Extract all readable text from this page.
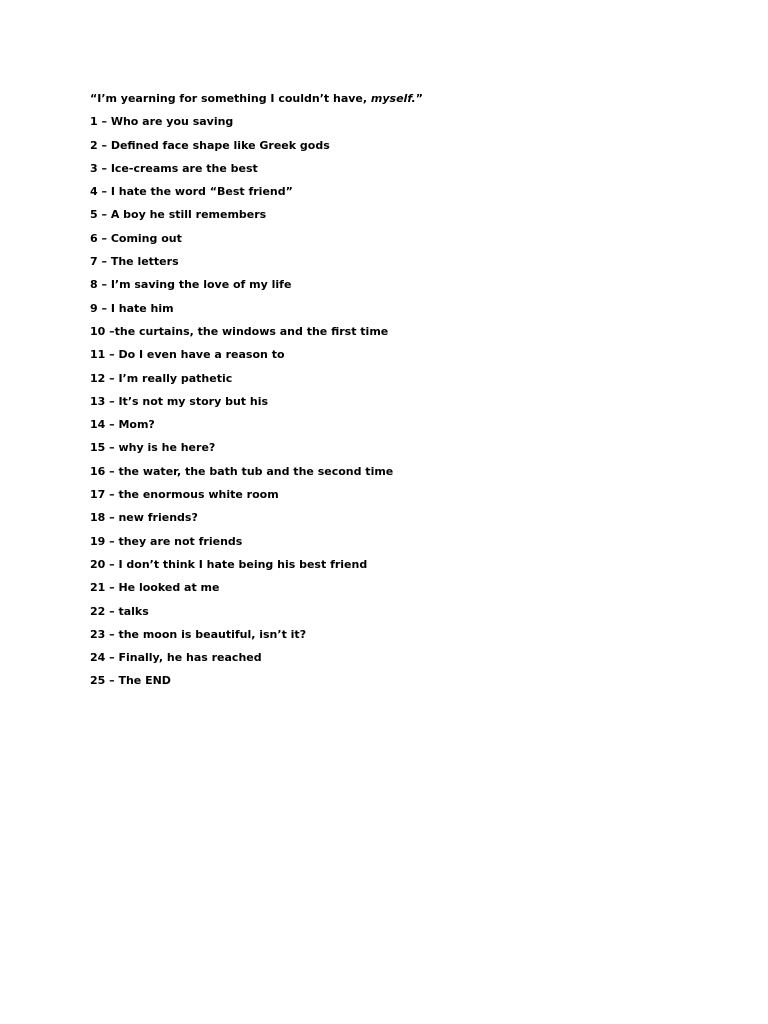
“I’m yearning for something I couldn’t have, myself.”
1 – Who are you saving
2 – Defined face shape like Greek gods
3 – Ice-creams are the best
4 – I hate the word “Best friend”
5 – A boy he still remembers
6 – Coming out
7 – The letters
8 – I’m saving the love of my life
9 – I hate him
10 –the curtains, the windows and the first time
11 – Do I even have a reason to
12 – I’m really pathetic
13 – It’s not my story but his
14 – Mom?
15 – why is he here?
16 – the water, the bath tub and the second time
17 – the enormous white room
18 – new friends?
19 – they are not friends
20 – I don’t think I hate being his best friend
21 – He looked at me
22 – talks
23 – the moon is beautiful, isn’t it?
24 – Finally, he has reached
25 – The END
